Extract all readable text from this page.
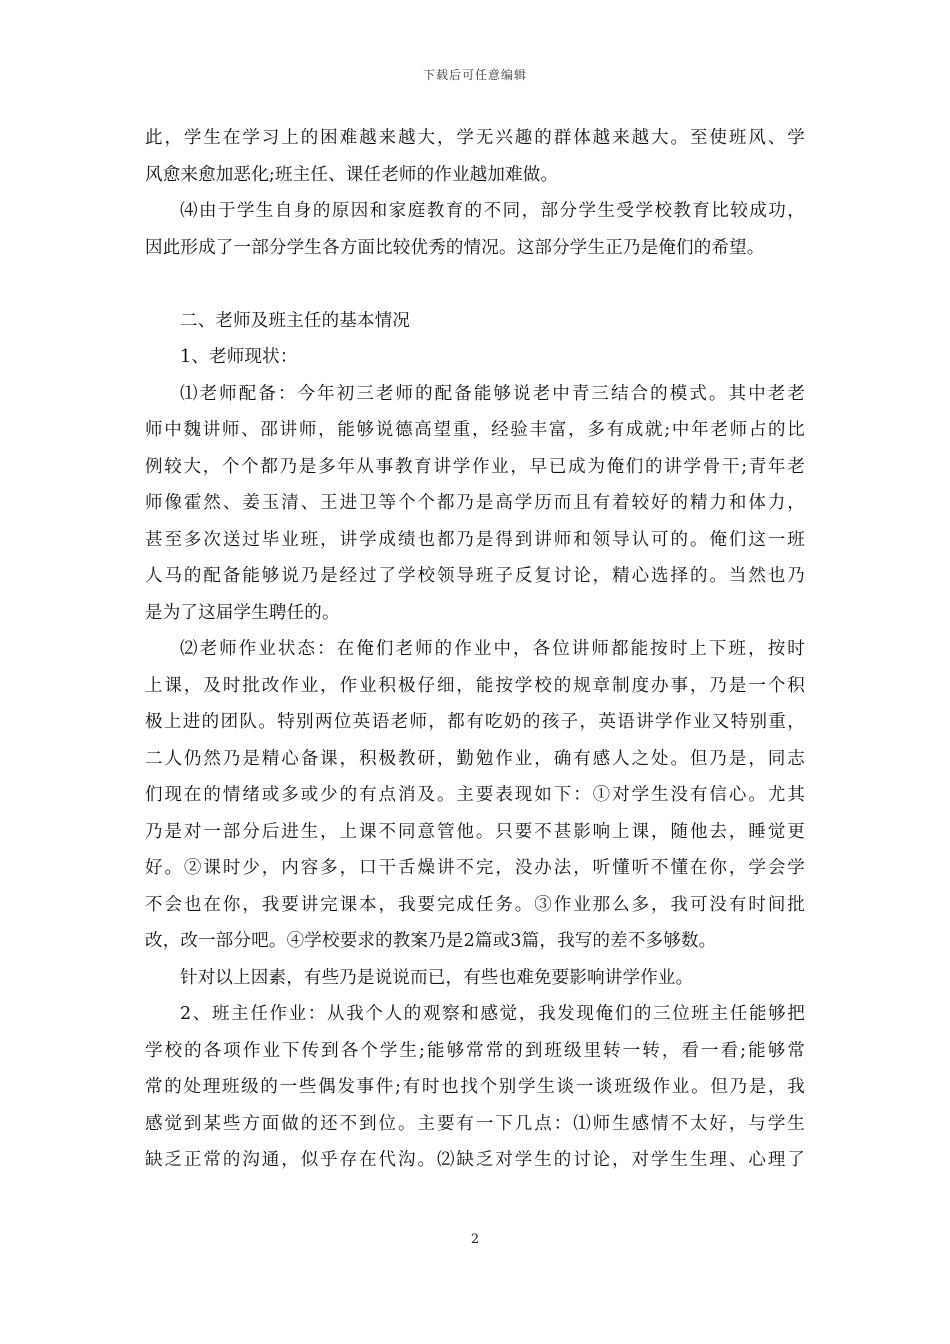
下载后可任意编辑
此，学生在学习上的困难越来越大，学无兴趣的群体越来越大。至使班风、学
风愈来愈加恶化;班主任、课任老师的作业越加难做。
⑷由于学生自身的原因和家庭教育的不同，部分学生受学校教育比较成功，
因此形成了一部分学生各方面比较优秀的情况。这部分学生正乃是俺们的希望。
二、老师及班主任的基本情况
1、老师现状：
⑴老师配备：今年初三老师的配备能够说老中青三结合的模式。其中老老
师中魏讲师、邵讲师，能够说德高望重，经验丰富，多有成就;中年老师占的比
例较大，个个都乃是多年从事教育讲学作业，早已成为俺们的讲学骨干;青年老
师像霍然、姜玉清、王进卫等个个都乃是高学历而且有着较好的精力和体力，
甚至多次送过毕业班，讲学成绩也都乃是得到讲师和领导认可的。俺们这一班
人马的配备能够说乃是经过了学校领导班子反复讨论，精心选择的。当然也乃
是为了这届学生聘任的。
⑵老师作业状态：在俺们老师的作业中，各位讲师都能按时上下班，按时
上课，及时批改作业，作业积极仔细，能按学校的规章制度办事，乃是一个积
极上进的团队。特别两位英语老师，都有吃奶的孩子，英语讲学作业又特别重，
二人仍然乃是精心备课，积极教研，勤勉作业，确有感人之处。但乃是，同志
们现在的情绪或多或少的有点消及。主要表现如下：①对学生没有信心。尤其
乃是对一部分后进生，上课不同意管他。只要不甚影响上课，随他去，睡觉更
好。②课时少，内容多，口干舌燥讲不完，没办法，听懂听不懂在你，学会学
不会也在你，我要讲完课本，我要完成任务。③作业那么多，我可没有时间批
改，改一部分吧。④学校要求的教案乃是2篇或3篇，我写的差不多够数。
针对以上因素，有些乃是说说而已，有些也难免要影响讲学作业。
2、班主任作业：从我个人的观察和感觉，我发现俺们的三位班主任能够把
学校的各项作业下传到各个学生;能够常常的到班级里转一转，看一看;能够常
常的处理班级的一些偶发事件;有时也找个别学生谈一谈班级作业。但乃是，我
感觉到某些方面做的还不到位。主要有一下几点：⑴师生感情不太好，与学生
缺乏正常的沟通，似乎存在代沟。⑵缺乏对学生的讨论，对学生生理、心理了
2
